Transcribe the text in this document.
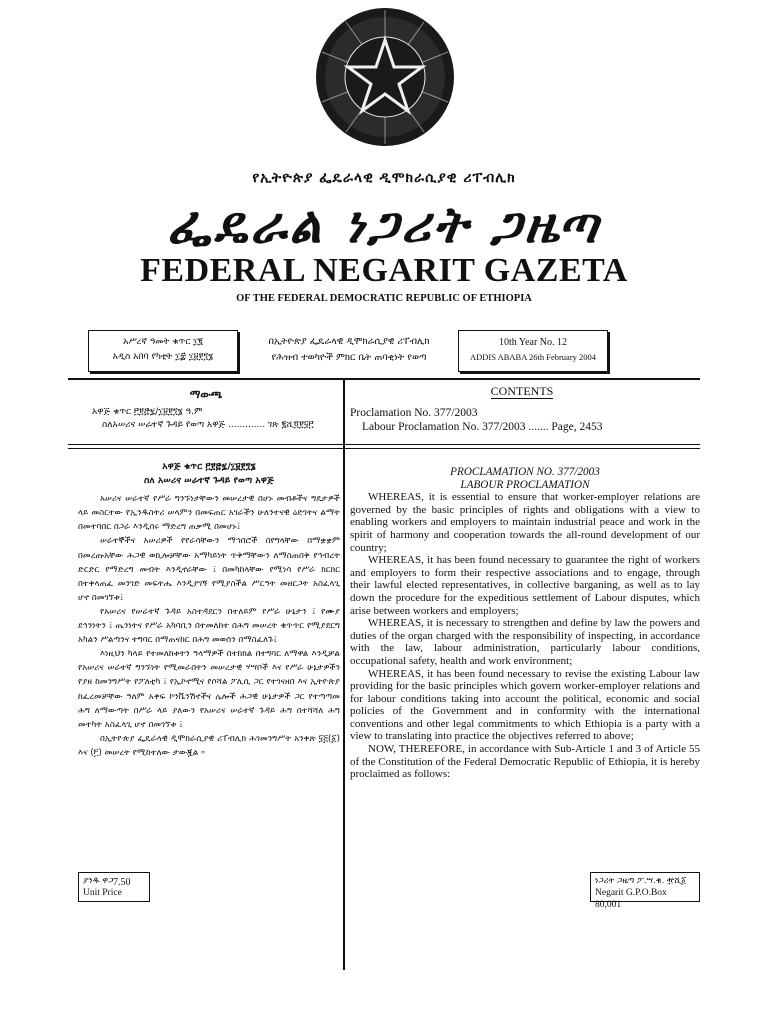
የኢትዮጵያ ፌዴራላዊ ዲሞክራሲያዊ ሪፐብሊክ
ፌዴራል ነጋሪት ጋዜጣ
FEDERAL NEGARIT GAZETA
OF THE FEDERAL DEMOCRATIC REPUBLIC OF ETHIOPIA
አሥረኛ ዓመት ቁጥር ፲፪
አዲስ አበባ የካቲት ፲፰ ፲፱፻፺፮
በኢትዮጵያ ፌዴራላዊ ዲሞክራሲያዊ ሪፐብሊክ
የሕዝብ ተወካዮች ምክር ቤት ጠባቂነት የወጣ
10th Year No. 12
ADDIS ABABA 26th February 2004
ማውጫ	CONTENTS
አዋጅ ቁጥር ፫፻፸፯/፲፱፻፺፮ ዓ.ም
ስለአሠሪና ሠራተኛ ጉዳይ የወጣ አዋጅ ............. ገጽ ፪ሺ፬፻፶፫
Proclamation No. 377/2003
Labour Proclamation No. 377/2003 ....... Page, 2453
አዋጅ ቁጥር ፫፻፸፯/፲፱፻፺፮
ስለ አሠሪና ሠራተኛ ጉዳይ የወጣ አዋጅ

አሠሪና ሠራተኛ የሥራ ግንኙነታቸውን መሠረታዊ በሆኑ መብቶችና ግዴታዎች ላይ መስርተው የኢንዱስትሪ ሠላምን በመፍጠር አገራችን ሁለንተናዊ ዕድገትና ልማት በመተባበር በጋራ እንዲሰሩ ማድረግ ጠቃሚ በመሆኑ፤

ሠራተኞችና አሠሪዎች የየራሳቸውን ማኅበሮች በየግላቸው በማቋቋም በመረጡአቸው ሕጋዊ ወኪሎቻቸው አማካይነት ጥቅማቸውን ለማስጠበቅ የኅብረት ድርድር የማድረግ መብት እንዲኖራቸው ፤ በመካከላቸው የሚነሳ የሥራ ክርክር በተቀላጠፈ መንገድ መፍትሔ እንዲያገኝ የሚያስችል ሥርዓት መዘርጋት አስፈላጊ ሆኖ በመገኘቱ፤

የአሠሪና የሠራተኛ ጉዳይ አስተዳደርን በተለይም የሥራ ሁኔታን ፤ የሙያ ደኅንነትን ፤ ጤንነትና የሥራ አካባቢን በተመለከተ በሕግ መሠረት ቁጥጥር የሚያደርግ አካልን ሥልጣንና ተግባር በማጠናከር በሕግ መወሰን በማስፈለጉ፤

እነዚህን ካላይ የተመለከቱትን ዓላማዎች በተከክል በተግባር ለማዋል እንዲቻል የአሠሪና ሠራተኛ ግንኙነት የሚመራበትን መሠረታዊ ሃሣቦች እና የሥራ ሁኔታዎችን የያዘ ከመንግሥት የፖለቲካ ፤ የኢኮኖሚና የሶሻል ፖሊሲ ጋር የተገናዘበ እና ኢትዮጵያ ከፈረመቻቸው ዓለም አቀፍ ኮንቬንሽኖችና ሌሎች ሕጋዊ ሁኔታዎች ጋር የተጣጣመ ሕግ ለማውጣት በሥራ ላይ ያለውን የአሠሪና ሠራተኛ ጉዳይ ሕግ በተሻሻለ ሕግ መተካት አስፈላጊ ሆኖ በመገኘቱ ፤

በኢትዮጵያ ፌዴራላዊ ዲሞክራሲያዊ ሪፐብሊክ ሕገመንግሥት አንቀጽ ፶፭(፩) እና (፫) መሠረት የሚከተለው ታውጇል ።

PROCLAMATION NO. 377/2003
LABOUR PROCLAMATION

WHEREAS, it is essential to ensure that worker-employer relations are governed by the basic principles of rights and obligations with a view to enabling workers and employers to maintain industrial peace and work in the spirit of harmony and cooperation towards the all-round development of our country;

WHEREAS, it has been found necessary to guarantee the right of workers and employers to form their respective associations and to engage, through their lawful elected representatives, in collective barganing, as well as to lay down the procedure for the expeditious settlement of Labour disputes, which arise between workers and employers;

WHEREAS, it is necessary to strengthen and define by law the powers and duties of the organ charged with the responsibility of inspecting, in accordance with the law, labour administration, particularly labour conditions, occupational safety, health and work environment;

WHEREAS, it has been found necessary to revise the existing Labour law providing for the basic principles which govern worker-employer relations and for labour conditions taking into account the political, economic and social policies of the Government and in conformity with the international conventions and other legal commitments to which Ethiopia is a party with a view to translating into practice the objectives referred to above;

NOW, THEREFORE, in accordance with Sub-Article 1 and 3 of Article 55 of the Constitution of the Federal Democratic Republic of Ethiopia, it is hereby proclaimed as follows:

ያንዱ ዋጋ
Unit Price
7.50	ነጋሪት ጋዜጣ ፖ.ሣ.ቁ. ፹ሺ፩
Negarit G.P.O.Box 80,001
